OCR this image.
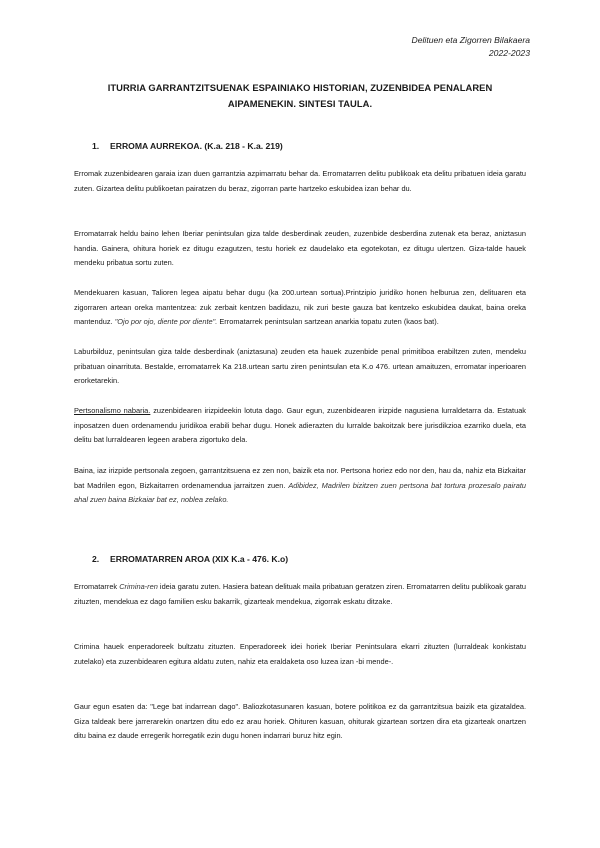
Delituen eta Zigorren Bilakaera
2022-2023
ITURRIA GARRANTZITSUENAK ESPAINIAKO HISTORIAN, ZUZENBIDEA PENALAREN
AIPAMENEKIN. SINTESI TAULA.
1. ERROMA AURREKOA. (K.a. 218 - K.a. 219)
Erromak zuzenbidearen garaia izan duen garrantzia azpimarratu behar da. Erromatarren delitu publikoak eta delitu pribatuen ideia garatu zuten. Gizartea delitu publikoetan pairatzen du beraz, zigorran parte hartzeko eskubidea izan behar du.
Erromatarrak heldu baino lehen Iberiar penintsulan giza talde desberdinak zeuden, zuzenbide desberdina zutenak eta beraz, aniztasun handia. Gainera, ohitura horiek ez ditugu ezagutzen, testu horiek ez daudelako eta egotekotan, ez ditugu ulertzen. Giza-talde hauek mendeku pribatua sortu zuten.
Mendekuaren kasuan, Talioren legea aipatu behar dugu (ka 200.urtean sortua).Printzipio juridiko honen helburua zen, delituaren eta zigorraren artean oreka mantentzea: zuk zerbait kentzen badidazu, nik zuri beste gauza bat kentzeko eskubidea daukat, baina oreka mantenduz. "Ojo por ojo, diente por diente". Erromatarrek penintsulan sartzean anarkia topatu zuten (kaos bat).
Laburbilduz, penintsulan giza talde desberdinak (aniztasuna) zeuden eta hauek zuzenbide penal primitiboa erabiltzen zuten, mendeku pribatuan oinarrituta. Bestalde, erromatarrek Ka 218.urtean sartu ziren penintsulan eta K.o 476. urtean amaituzen, erromatar inperioaren erorketarekin.
Pertsonalismo nabaria. zuzenbidearen irizpideekin lotuta dago. Gaur egun, zuzenbidearen irizpide nagusiena lurraldetarra da. Estatuak inposatzen duen ordenamendu juridikoa erabili behar dugu. Honek adierazten du lurralde bakoitzak bere jurisdikzioa ezarriko duela, eta delitu bat lurraldearen legeen arabera zigortuko dela.
Baina, iaz irizpide pertsonala zegoen, garrantzitsuena ez zen non, baizik eta nor. Pertsona horiez edo nor den, hau da, nahiz eta Bizkaitar bat Madrilen egon, Bizkaitarren ordenamendua jarraitzen zuen. Adibidez, Madrilen bizitzen zuen pertsona bat tortura prozesalo pairatu ahal zuen baina Bizkaiar bat ez, noblea zelako.
2. ERROMATARREN AROA (XIX K.a - 476. K.o)
Erromatarrek Crimina-ren ideia garatu zuten. Hasiera batean delituak maila pribatuan geratzen ziren. Erromatarren delitu publikoak garatu zituzten, mendekua ez dago familien esku bakarrik, gizarteak mendekua, zigorrak eskatu ditzake.
Crimina hauek enperadoreek bultzatu zituzten. Enperadoreek idei horiek Iberiar Penintsulara ekarri zituzten (lurraldeak konkistatu zutelako) eta zuzenbidearen egitura aldatu zuten, nahiz eta eraldaketa oso luzea izan -bi mende-.
Gaur egun esaten da: "Lege bat indarrean dago". Baliozkotasunaren kasuan, botere politikoa ez da garrantzitsua baizik eta gizataldea. Giza taldeak bere jarrerarekin onartzen ditu edo ez arau horiek. Ohituren kasuan, ohiturak gizartean sortzen dira eta gizarteak onartzen ditu baina ez daude erregerik horregatik ezin dugu honen indarrari buruz hitz egin.
